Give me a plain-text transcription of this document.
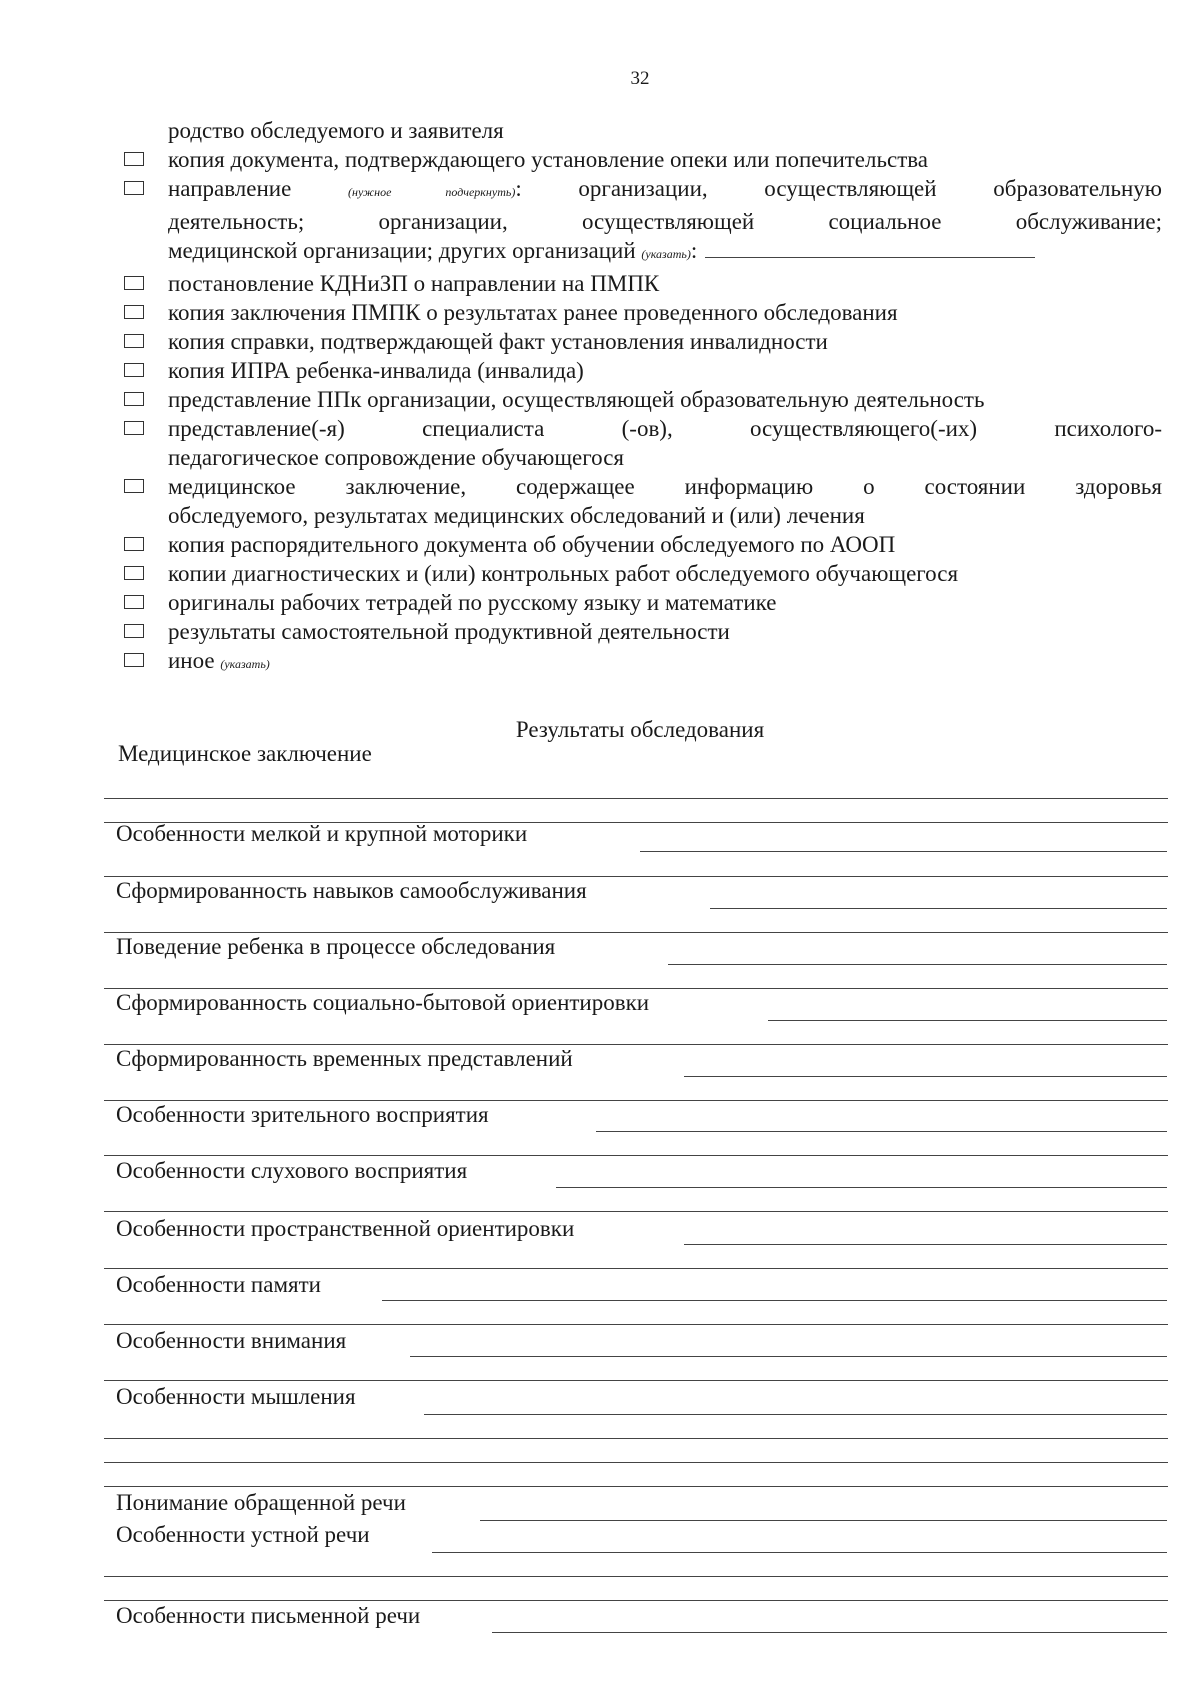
32
родство обследуемого и заявителя
копия документа, подтверждающего установление опеки или попечительства
направление	(нужное подчеркнуть): организации, осуществляющей образовательную
деятельность; организации, осуществляющей социальное обслуживание;
медицинской организации; других организаций (указать):
постановление КДНиЗП о направлении на ПМПК
копия заключения ПМПК о результатах ранее проведенного обследования
копия справки, подтверждающей факт установления инвалидности
копия ИПРА ребенка-инвалида (инвалида)
представление ППк организации, осуществляющей образовательную деятельность
представление(-я) специалиста (-ов), осуществляющего(-их) психолого-
педагогическое сопровождение обучающегося
медицинское заключение, содержащее информацию о состоянии здоровья
обследуемого, результатах медицинских обследований и (или) лечения
копия распорядительного документа об обучении обследуемого по АООП
копии диагностических и (или) контрольных работ обследуемого обучающегося
оригиналы рабочих тетрадей по русскому языку и математике
результаты самостоятельной продуктивной деятельности
иное (указать)
Результаты обследования
Медицинское заключение
Особенности мелкой и крупной моторики
Сформированность навыков самообслуживания
Поведение ребенка в процессе обследования
Сформированность социально-бытовой ориентировки
Сформированность временных представлений
Особенности зрительного восприятия
Особенности слухового восприятия
Особенности пространственной ориентировки
Особенности памяти
Особенности внимания
Особенности мышления
Понимание обращенной речи
Особенности устной речи
Особенности письменной речи
